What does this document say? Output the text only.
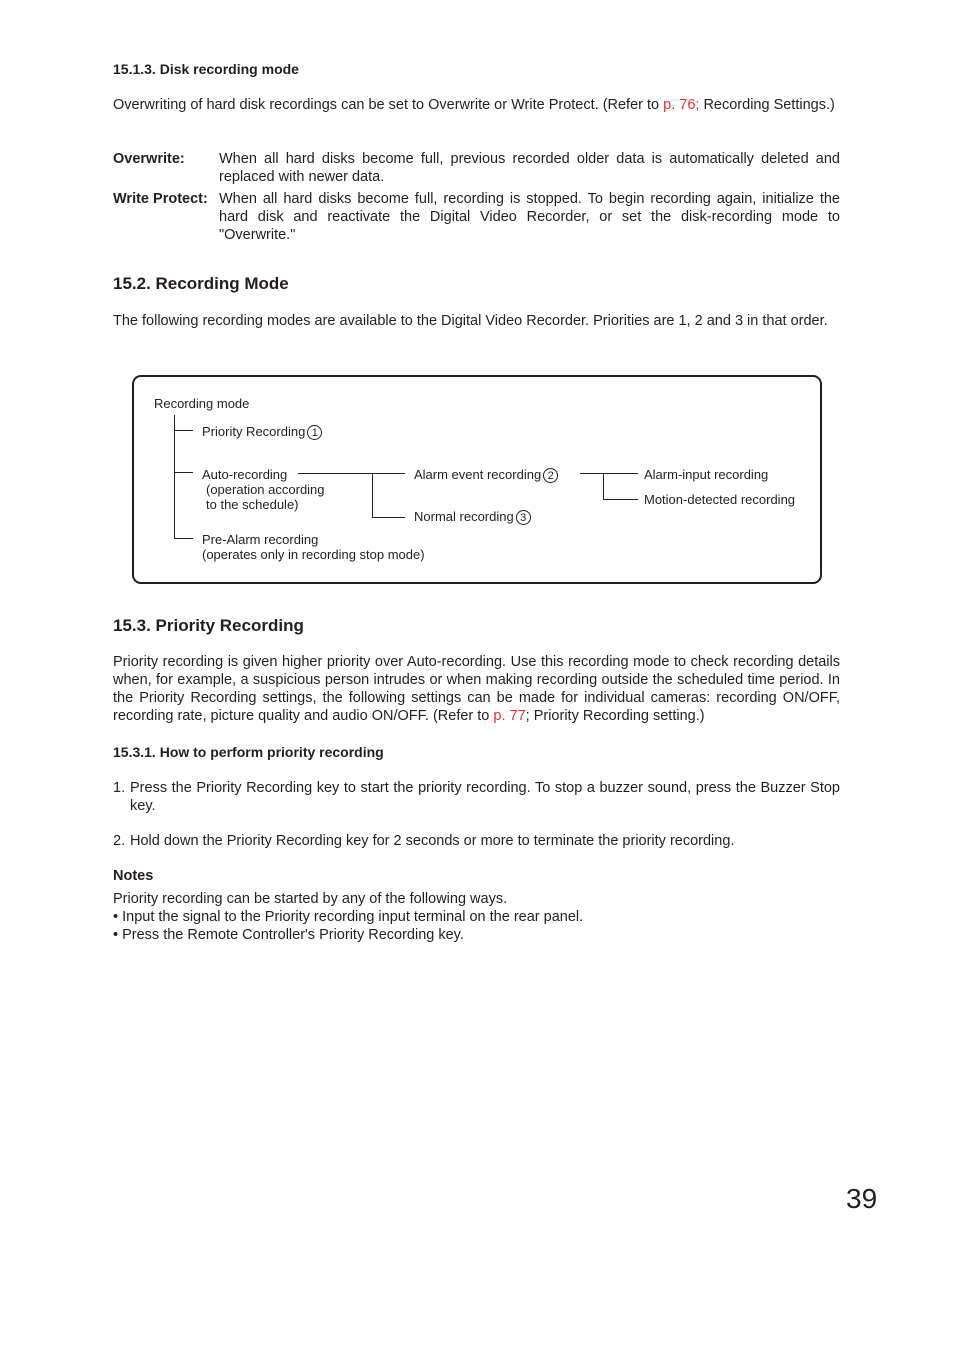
15.1.3. Disk recording mode
Overwriting of hard disk recordings can be set to Overwrite or Write Protect. (Refer to p. 76; Recording Settings.)
Overwrite: When all hard disks become full, previous recorded older data is automatically deleted and replaced with newer data.
Write Protect: When all hard disks become full, recording is stopped. To begin recording again, initialize the hard disk and reactivate the Digital Video Recorder, or set the disk-recording mode to "Overwrite."
15.2. Recording Mode
The following recording modes are available to the Digital Video Recorder. Priorities are 1, 2 and 3 in that order.
Recording mode
Priority Recording 1
Auto-recording
(operation according
to the schedule)
Alarm event recording 2
Normal recording 3
Alarm-input recording
Motion-detected recording
Pre-Alarm recording
(operates only in recording stop mode)
15.3. Priority Recording
Priority recording is given higher priority over Auto-recording. Use this recording mode to check recording details when, for example, a suspicious person intrudes or when making recording outside the scheduled time period. In the Priority Recording settings, the following settings can be made for individual cameras: recording ON/OFF, recording rate, picture quality and audio ON/OFF. (Refer to p. 77; Priority Recording setting.)
15.3.1. How to perform priority recording
1. Press the Priority Recording key to start the priority recording. To stop a buzzer sound, press the Buzzer Stop key.
2. Hold down the Priority Recording key for 2 seconds or more to terminate the priority recording.
Notes
Priority recording can be started by any of the following ways.
• Input the signal to the Priority recording input terminal on the rear panel.
• Press the Remote Controller's Priority Recording key.
39
